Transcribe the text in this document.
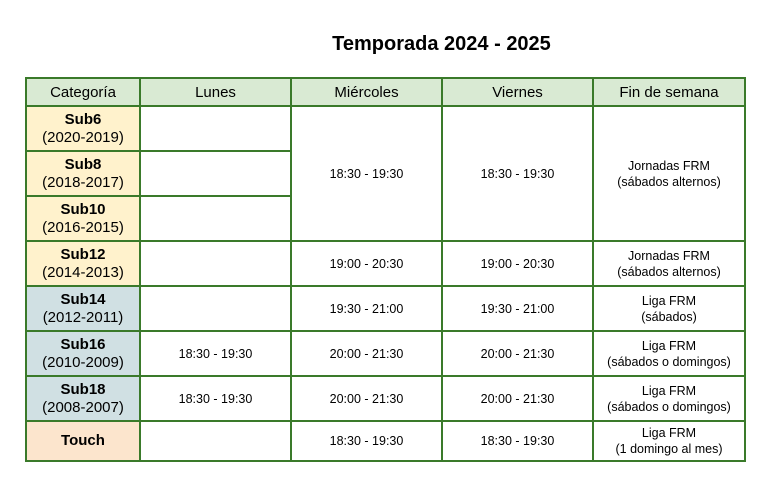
Temporada 2024 - 2025
Categoría	Lunes	Miércoles	Viernes	Fin de semana

Sub6
(2020-2019)		18:30 - 19:30	18:30 - 19:30	Jornadas FRM
(sábados alternos)

Sub8
(2018-2017)				

Sub10
(2016-2015)				

Sub12
(2014-2013)		19:00 - 20:30	19:00 - 20:30	Jornadas FRM
(sábados alternos)

Sub14
(2012-2011)		19:30 - 21:00	19:30 - 21:00	Liga FRM
(sábados)

Sub16
(2010-2009)	18:30 - 19:30	20:00 - 21:30	20:00 - 21:30	Liga FRM
(sábados o domingos)

Sub18
(2008-2007)	18:30 - 19:30	20:00 - 21:30	20:00 - 21:30	Liga FRM
(sábados o domingos)

Touch		18:30 - 19:30	18:30 - 19:30	Liga FRM
(1 domingo al mes)
